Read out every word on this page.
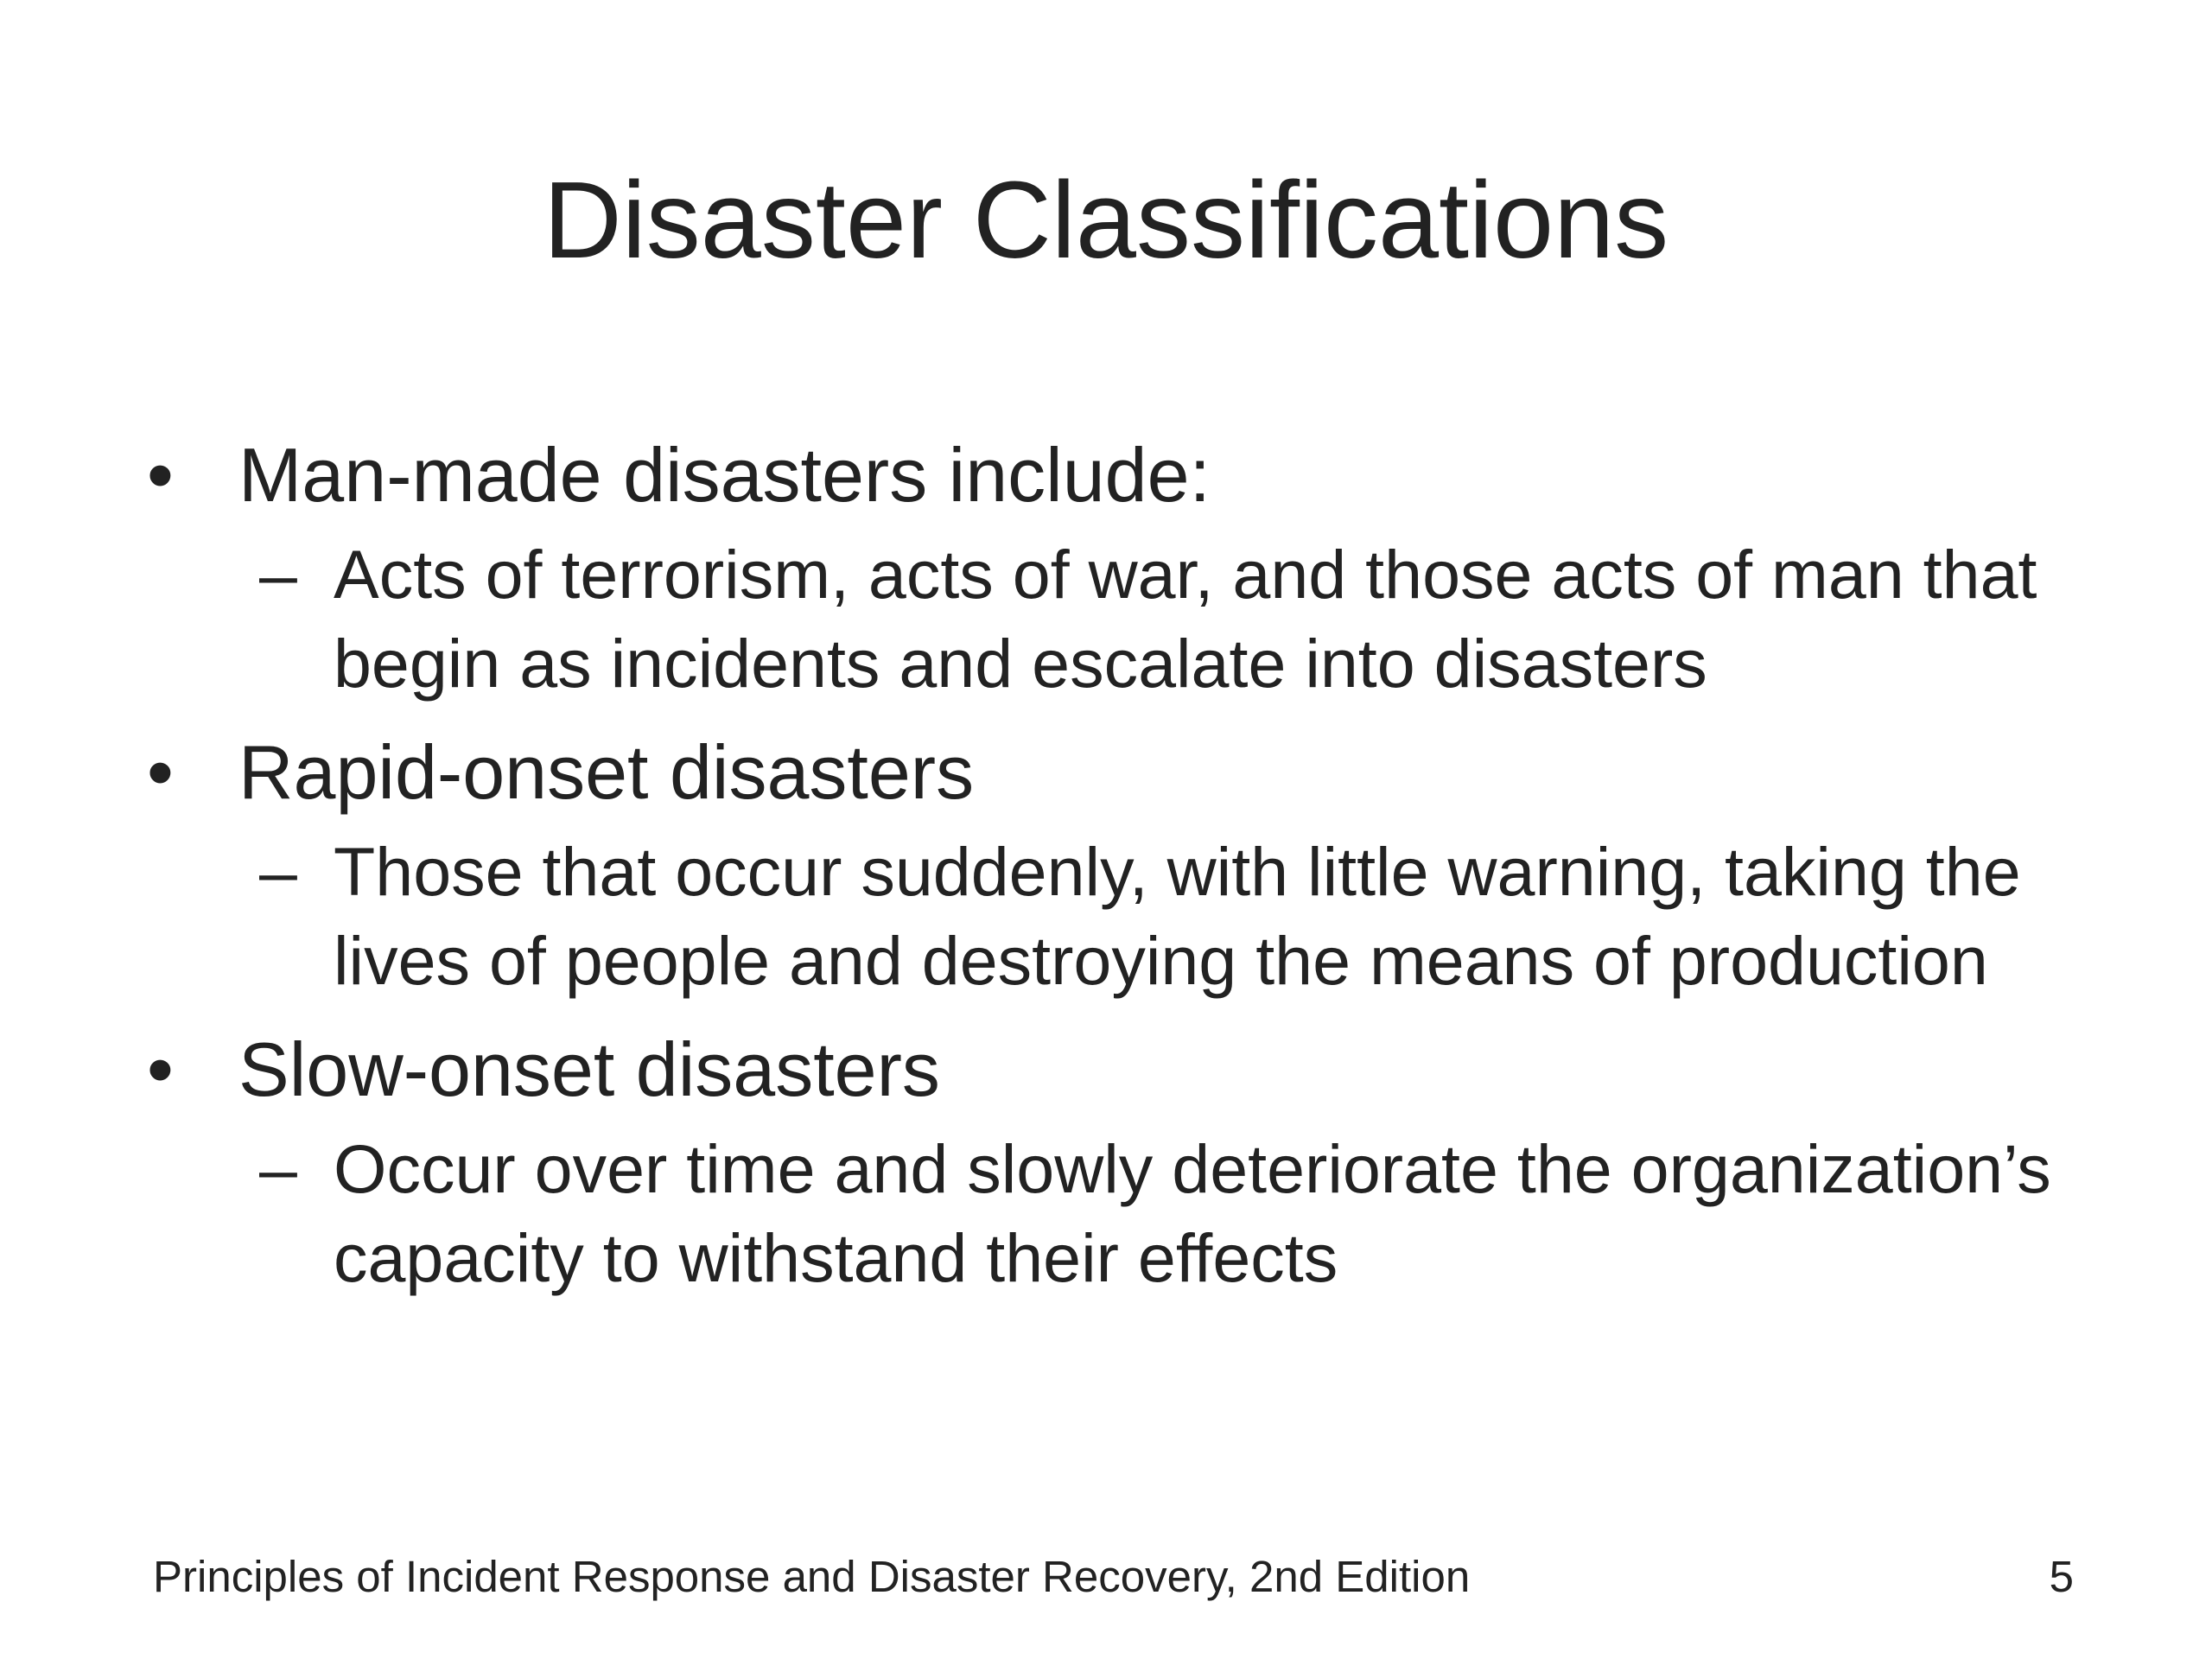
Disaster Classifications
• Man-made disasters include:
– Acts of terrorism, acts of war, and those acts of man that begin as incidents and escalate into disasters
• Rapid-onset disasters
– Those that occur suddenly, with little warning, taking the lives of people and destroying the means of production
• Slow-onset disasters
– Occur over time and slowly deteriorate the organization’s capacity to withstand their effects
Principles of Incident Response and Disaster Recovery, 2nd Edition	5
